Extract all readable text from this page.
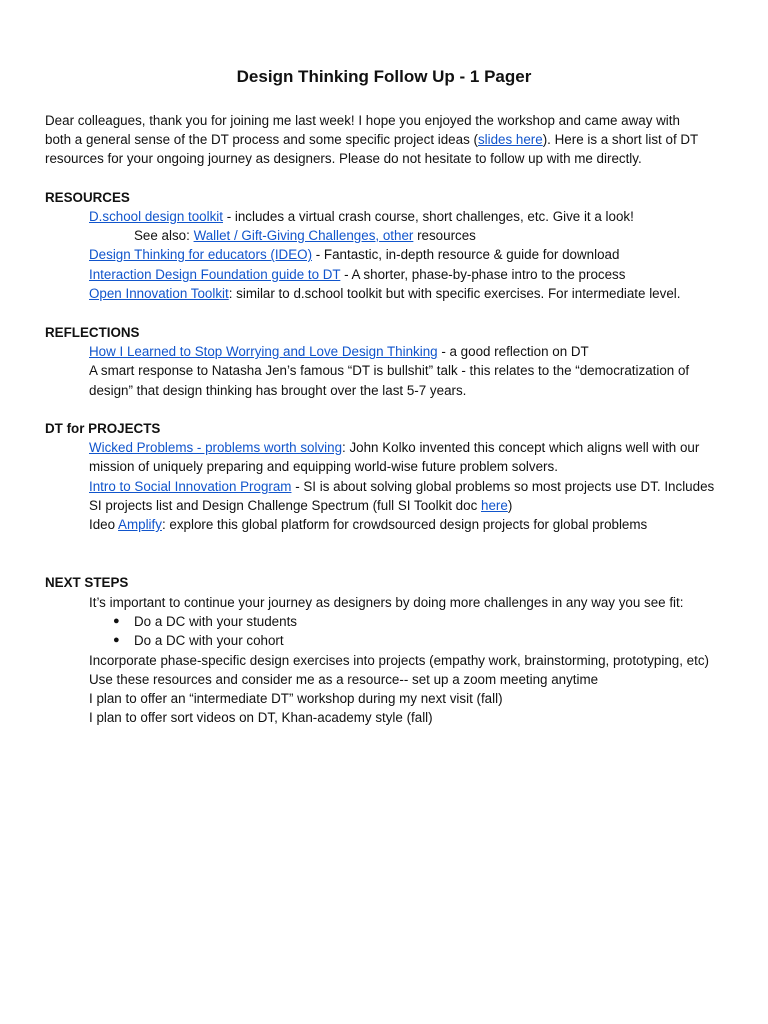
Design Thinking Follow Up - 1 Pager
Dear colleagues, thank you for joining me last week! I hope you enjoyed the workshop and came away with
both a general sense of the DT process and some specific project ideas (slides here). Here is a short list of DT
resources for your ongoing journey as designers. Please do not hesitate to follow up with me directly.
RESOURCES
D.school design toolkit - includes a virtual crash course, short challenges, etc. Give it a look!
See also: Wallet / Gift-Giving Challenges, other resources
Design Thinking for educators (IDEO) - Fantastic, in-depth resource & guide for download
Interaction Design Foundation guide to DT - A shorter, phase-by-phase intro to the process
Open Innovation Toolkit: similar to d.school toolkit but with specific exercises. For intermediate level.
REFLECTIONS
How I Learned to Stop Worrying and Love Design Thinking - a good reflection on DT
A smart response to Natasha Jen’s famous “DT is bullshit” talk - this relates to the “democratization of
design” that design thinking has brought over the last 5-7 years.
DT for PROJECTS
Wicked Problems - problems worth solving: John Kolko invented this concept which aligns well with our
mission of uniquely preparing and equipping world-wise future problem solvers.
Intro to Social Innovation Program - SI is about solving global problems so most projects use DT. Includes
SI projects list and Design Challenge Spectrum (full SI Toolkit doc here)
Ideo Amplify: explore this global platform for crowdsourced design projects for global problems
NEXT STEPS
It’s important to continue your journey as designers by doing more challenges in any way you see fit:
● Do a DC with your students
● Do a DC with your cohort
Incorporate phase-specific design exercises into projects (empathy work, brainstorming, prototyping, etc)
Use these resources and consider me as a resource-- set up a zoom meeting anytime
I plan to offer an “intermediate DT” workshop during my next visit (fall)
I plan to offer sort videos on DT, Khan-academy style (fall)
